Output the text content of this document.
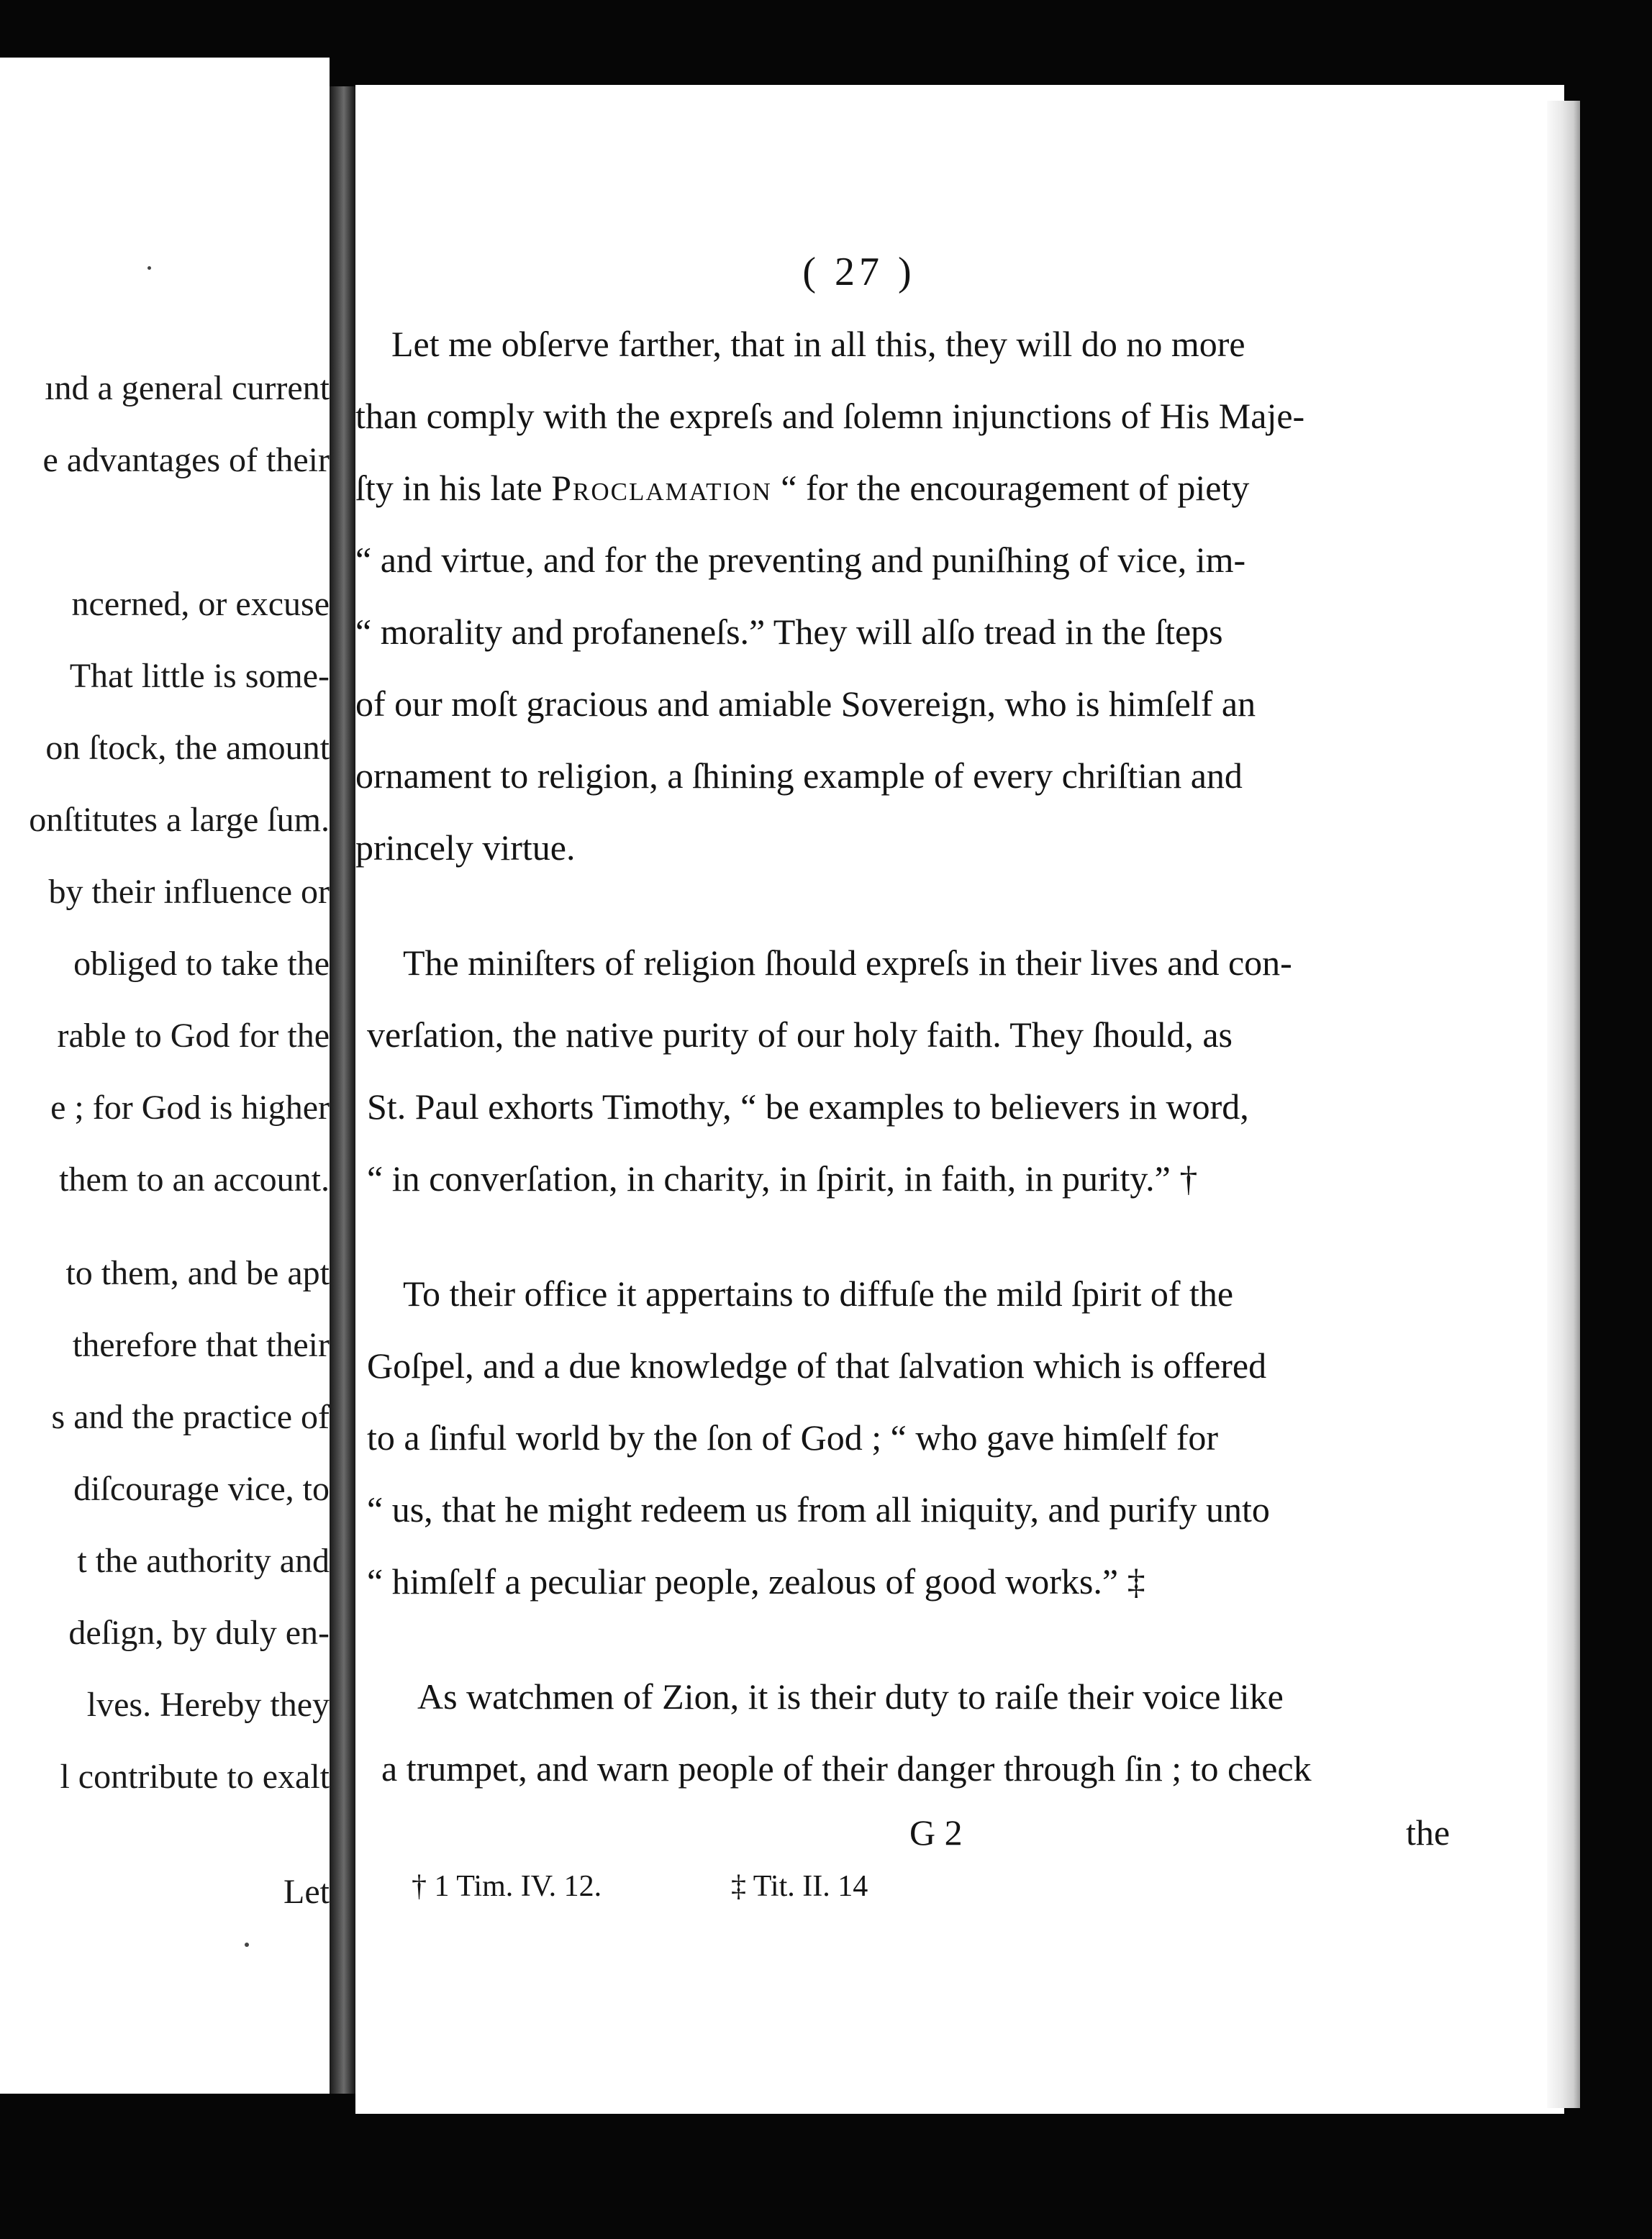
ınd a general current
e advantages of their
ncerned, or excuse
That little is some-
on ſtock, the amount
onſtitutes a large ſum.
by their influence or
obliged to take the
rable to God for the
e ; for God is higher
them to an account.
to them, and be apt
therefore that their
s and the practice of
diſcourage vice, to
t the authority and
deſign, by duly en-
lves. Hereby they
l contribute to exalt
Let
( 27 )
Let me obſerve farther, that in all this, they will do no more
than comply with the expreſs and ſolemn injunctions of His Maje-
ſty in his late Proclamation “ for the encouragement of piety
“ and virtue, and for the preventing and puniſhing of vice, im-
“ morality and profaneneſs.” They will alſo tread in the ſteps
of our moſt gracious and amiable Sovereign, who is himſelf an
ornament to religion, a ſhining example of every chriſtian and
princely virtue.
The miniſters of religion ſhould expreſs in their lives and con-
verſation, the native purity of our holy faith. They ſhould, as
St. Paul exhorts Timothy, “ be examples to believers in word,
“ in converſation, in charity, in ſpirit, in faith, in purity.” †
To their office it appertains to diffuſe the mild ſpirit of the
Goſpel, and a due knowledge of that ſalvation which is offered
to a ſinful world by the ſon of God ; “ who gave himſelf for
“ us, that he might redeem us from all iniquity, and purify unto
“ himſelf a peculiar people, zealous of good works.” ‡
As watchmen of Zion, it is their duty to raiſe their voice like
a trumpet, and warn people of their danger through ſin ; to check
G 2	the
† 1 Tim. IV. 12.	‡ Tit. II. 14
